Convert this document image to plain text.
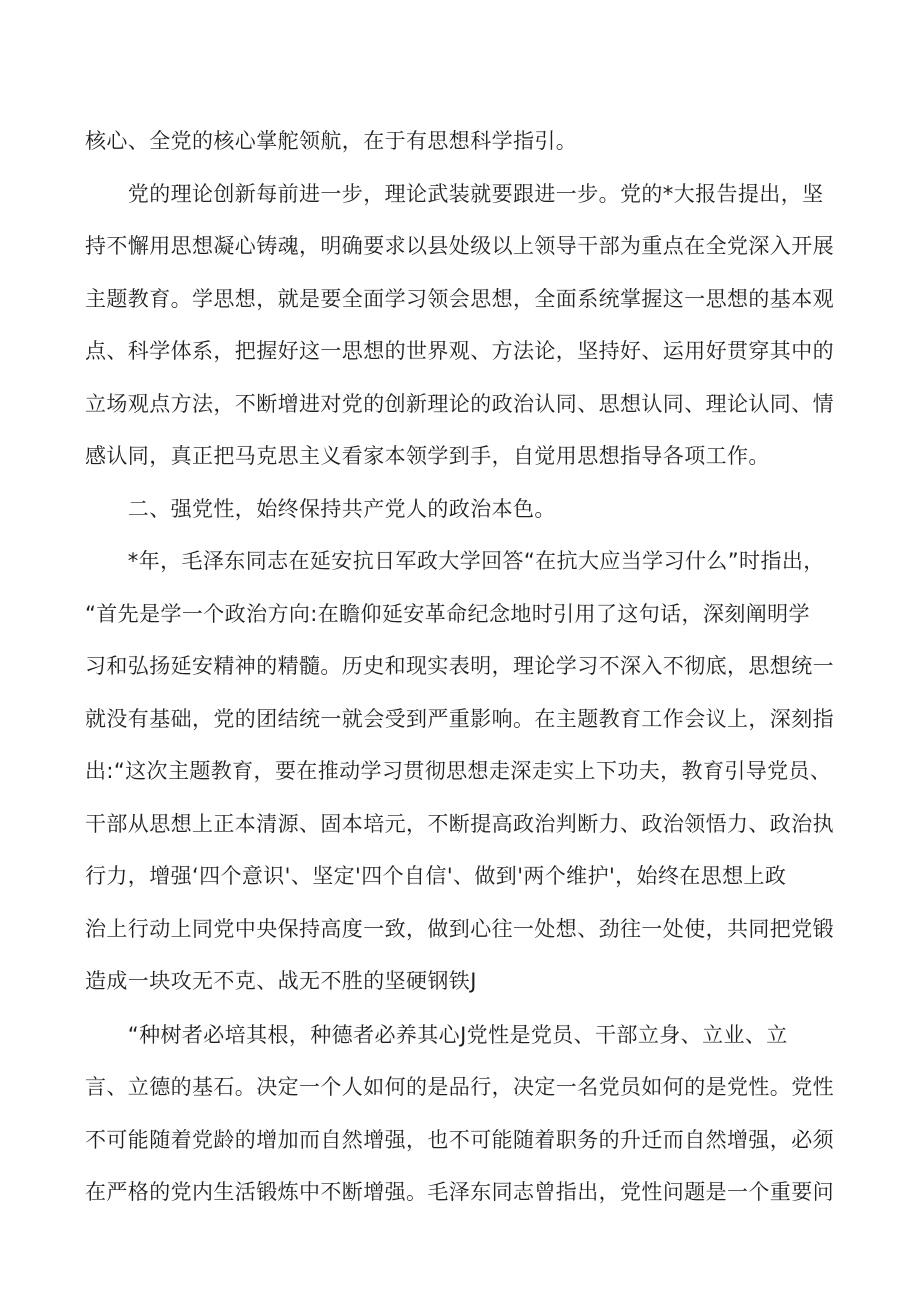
核心、全党的核心掌舵领航，在于有思想科学指引。
　　党的理论创新每前进一步，理论武装就要跟进一步。党的*大报告提出，坚
持不懈用思想凝心铸魂，明确要求以县处级以上领导干部为重点在全党深入开展
主题教育。学思想，就是要全面学习领会思想，全面系统掌握这一思想的基本观
点、科学体系，把握好这一思想的世界观、方法论，坚持好、运用好贯穿其中的
立场观点方法，不断增进对党的创新理论的政治认同、思想认同、理论认同、情
感认同，真正把马克思主义看家本领学到手，自觉用思想指导各项工作。
　　二、强党性，始终保持共产党人的政治本色。
　　*年，毛泽东同志在延安抗日军政大学回答“在抗大应当学习什么”时指出，
“首先是学一个政治方向:在瞻仰延安革命纪念地时引用了这句话，深刻阐明学
习和弘扬延安精神的精髓。历史和现实表明，理论学习不深入不彻底，思想统一
就没有基础，党的团结统一就会受到严重影响。在主题教育工作会议上，深刻指
出:“这次主题教育，要在推动学习贯彻思想走深走实上下功夫，教育引导党员、
干部从思想上正本清源、固本培元，不断提高政治判断力、政治领悟力、政治执
行力，增强‘四个意识'、坚定'四个自信'、做到'两个维护'，始终在思想上政
治上行动上同党中央保持高度一致，做到心往一处想、劲往一处使，共同把党锻
造成一块攻无不克、战无不胜的坚硬钢铁J
　　“种树者必培其根，种德者必养其心J党性是党员、干部立身、立业、立
言、立德的基石。决定一个人如何的是品行，决定一名党员如何的是党性。党性
不可能随着党龄的增加而自然增强，也不可能随着职务的升迁而自然增强，必须
在严格的党内生活锻炼中不断增强。毛泽东同志曾指出，党性问题是一个重要问
